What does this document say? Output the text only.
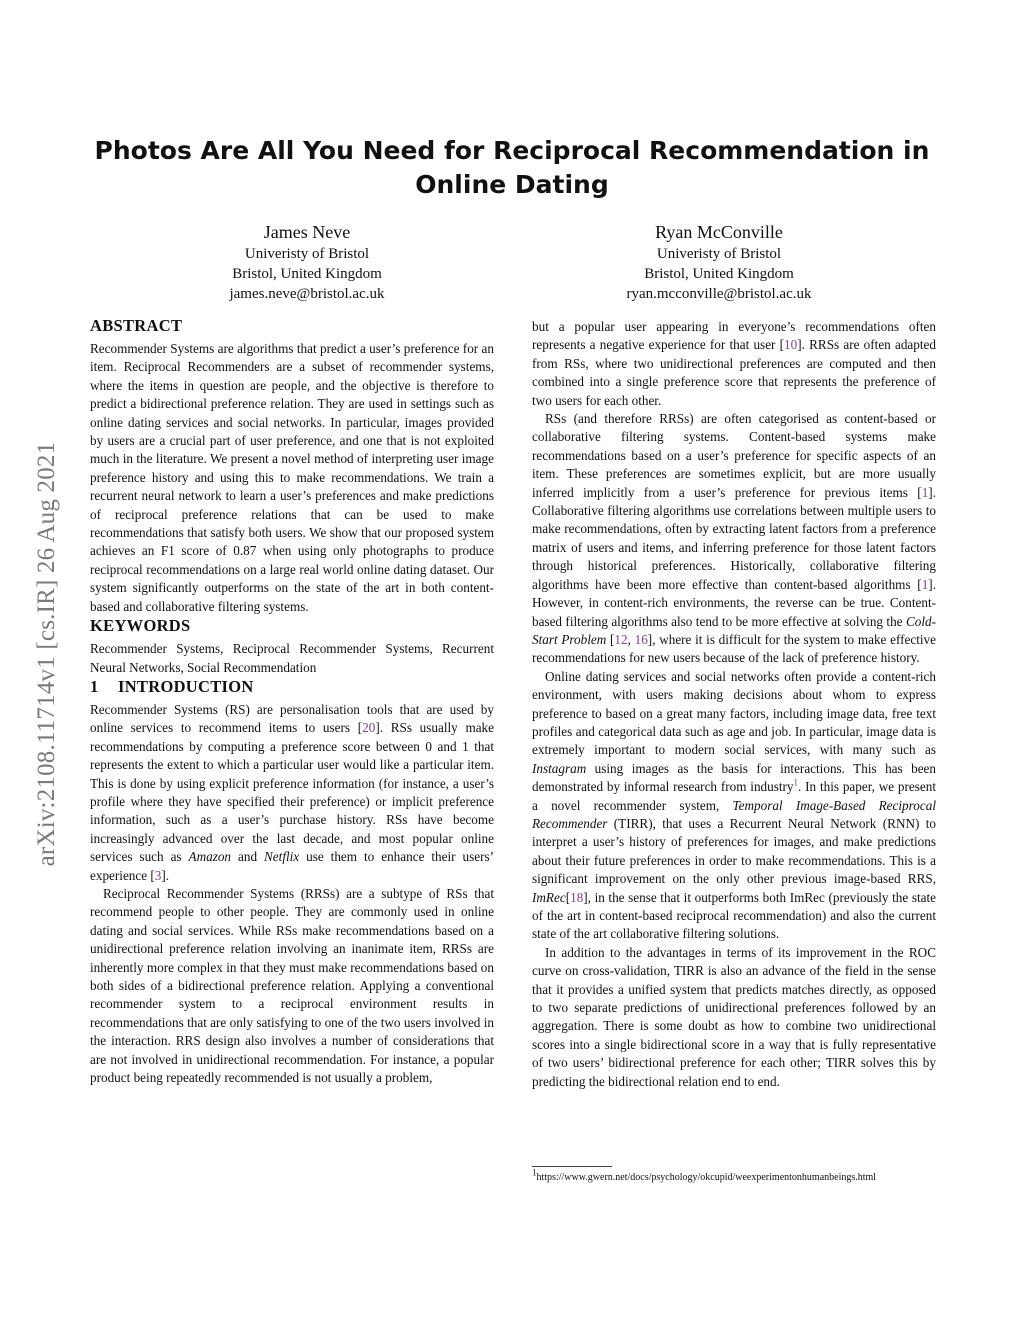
arXiv:2108.11714v1 [cs.IR] 26 Aug 2021
Photos Are All You Need for Reciprocal Recommendation in Online Dating
James Neve
Univeristy of Bristol
Bristol, United Kingdom
james.neve@bristol.ac.uk
Ryan McConville
Univeristy of Bristol
Bristol, United Kingdom
ryan.mcconville@bristol.ac.uk
ABSTRACT

Recommender Systems are algorithms that predict a user’s preference for an item. Reciprocal Recommenders are a subset of recommender systems, where the items in question are people, and the objective is therefore to predict a bidirectional preference relation. They are used in settings such as online dating services and social networks. In particular, images provided by users are a crucial part of user preference, and one that is not exploited much in the literature. We present a novel method of interpreting user image preference history and using this to make recommendations. We train a recurrent neural network to learn a user’s preferences and make predictions of reciprocal preference relations that can be used to make recommendations that satisfy both users. We show that our proposed system achieves an F1 score of 0.87 when using only photographs to produce reciprocal recommendations on a large real world online dating dataset. Our system significantly outperforms on the state of the art in both content-based and collaborative filtering systems.

KEYWORDS

Recommender Systems, Reciprocal Recommender Systems, Recurrent Neural Networks, Social Recommendation

1 INTRODUCTION

Recommender Systems (RS) are personalisation tools that are used by online services to recommend items to users [20]. RSs usually make recommendations by computing a preference score between 0 and 1 that represents the extent to which a particular user would like a particular item. This is done by using explicit preference information (for instance, a user’s profile where they have specified their preference) or implicit preference information, such as a user’s purchase history. RSs have become increasingly advanced over the last decade, and most popular online services such as Amazon and Netflix use them to enhance their users’ experience [3].

Reciprocal Recommender Systems (RRSs) are a subtype of RSs that recommend people to other people. They are commonly used in online dating and social services. While RSs make recommendations based on a unidirectional preference relation involving an inanimate item, RRSs are inherently more complex in that they must make recommendations based on both sides of a bidirectional preference relation. Applying a conventional recommender system to a reciprocal environment results in recommendations that are only satisfying to one of the two users involved in the interaction. RRS design also involves a number of considerations that are not involved in unidirectional recommendation. For instance, a popular product being repeatedly recommended is not usually a problem,

but a popular user appearing in everyone’s recommendations often represents a negative experience for that user [10]. RRSs are often adapted from RSs, where two unidirectional preferences are computed and then combined into a single preference score that represents the preference of two users for each other.

RSs (and therefore RRSs) are often categorised as content-based or collaborative filtering systems. Content-based systems make recommendations based on a user’s preference for specific aspects of an item. These preferences are sometimes explicit, but are more usually inferred implicitly from a user’s preference for previous items [1]. Collaborative filtering algorithms use correlations between multiple users to make recommendations, often by extracting latent factors from a preference matrix of users and items, and inferring preference for those latent factors through historical preferences. Historically, collaborative filtering algorithms have been more effective than content-based algorithms [1]. However, in content-rich environments, the reverse can be true. Content-based filtering algorithms also tend to be more effective at solving the Cold-Start Problem [12, 16], where it is difficult for the system to make effective recommendations for new users because of the lack of preference history.

Online dating services and social networks often provide a content-rich environment, with users making decisions about whom to express preference to based on a great many factors, including image data, free text profiles and categorical data such as age and job. In particular, image data is extremely important to modern social services, with many such as Instagram using images as the basis for interactions. This has been demonstrated by informal research from industry$^1$. In this paper, we present a novel recommender system, Temporal Image-Based Reciprocal Recommender (TIRR), that uses a Recurrent Neural Network (RNN) to interpret a user’s history of preferences for images, and make predictions about their future preferences in order to make recommendations. This is a significant improvement on the only other previous image-based RRS, ImRec[18], in the sense that it outperforms both ImRec (previously the state of the art in content-based reciprocal recommendation) and also the current state of the art collaborative filtering solutions.

In addition to the advantages in terms of its improvement in the ROC curve on cross-validation, TIRR is also an advance of the field in the sense that it provides a unified system that predicts matches directly, as opposed to two separate predictions of unidirectional preferences followed by an aggregation. There is some doubt as how to combine two unidirectional scores into a single bidirectional score in a way that is fully representative of two users’ bidirectional preference for each other; TIRR solves this by predicting the bidirectional relation end to end.

$^1$https://www.gwern.net/docs/psychology/okcupid/weexperimentonhumanbeings.html
